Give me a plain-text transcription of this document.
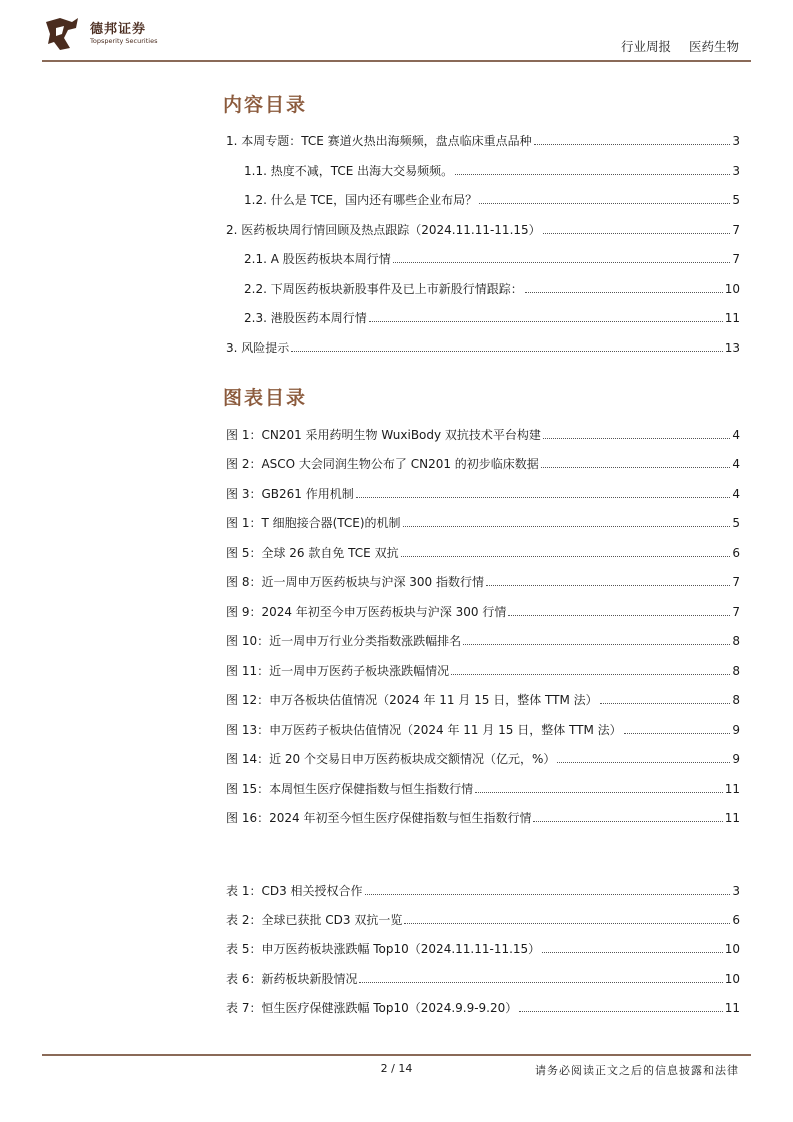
德邦证券
Topsperity Securities	行业周报 医药生物
内容目录
1. 本周专题：TCE 赛道火热出海频频，盘点临床重点品种	3
1.1. 热度不减，TCE 出海大交易频频。	3
1.2. 什么是 TCE，国内还有哪些企业布局？	5
2. 医药板块周行情回顾及热点跟踪（2024.11.11-11.15）	7
2.1. A 股医药板块本周行情	7
2.2. 下周医药板块新股事件及已上市新股行情跟踪：	10
2.3. 港股医药本周行情	11
3. 风险提示	13
图表目录
图 1：CN201 采用药明生物 WuxiBody 双抗技术平台构建	4
图 2：ASCO 大会同润生物公布了 CN201 的初步临床数据	4
图 3：GB261 作用机制	4
图 1：T 细胞接合器(TCE)的机制	5
图 5：全球 26 款自免 TCE 双抗	6
图 8：近一周申万医药板块与沪深 300 指数行情	7
图 9：2024 年初至今申万医药板块与沪深 300 行情	7
图 10：近一周申万行业分类指数涨跌幅排名	8
图 11：近一周申万医药子板块涨跌幅情况	8
图 12：申万各板块估值情况（2024 年 11 月 15 日，整体 TTM 法）	8
图 13：申万医药子板块估值情况（2024 年 11 月 15 日，整体 TTM 法）	9
图 14：近 20 个交易日申万医药板块成交额情况（亿元，%）	9
图 15：本周恒生医疗保健指数与恒生指数行情	11
图 16：2024 年初至今恒生医疗保健指数与恒生指数行情	11
表 1：CD3 相关授权合作	3
表 2：全球已获批 CD3 双抗一览	6
表 5：申万医药板块涨跌幅 Top10（2024.11.11-11.15）	10
表 6：新药板块新股情况	10
表 7：恒生医疗保健涨跌幅 Top10（2024.9.9-9.20）	11
2 / 14	请务必阅读正文之后的信息披露和法律
